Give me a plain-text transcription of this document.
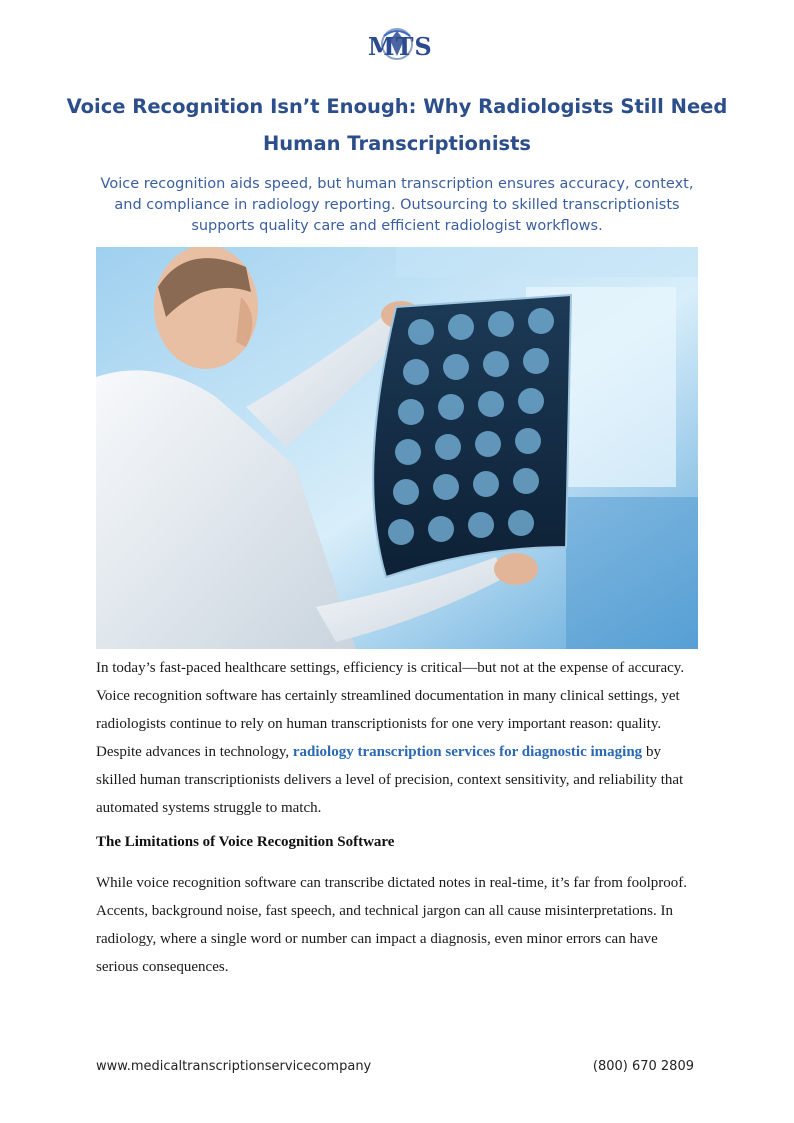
MTS
Voice Recognition Isn’t Enough: Why Radiologists Still Need Human Transcriptionists

Voice recognition aids speed, but human transcription ensures accuracy, context, and compliance in radiology reporting. Outsourcing to skilled transcriptionists supports quality care and efficient radiologist workflows.

In today’s fast-paced healthcare settings, efficiency is critical—but not at the expense of accuracy. Voice recognition software has certainly streamlined documentation in many clinical settings, yet radiologists continue to rely on human transcriptionists for one very important reason: quality. Despite advances in technology, radiology transcription services for diagnostic imaging by skilled human transcriptionists delivers a level of precision, context sensitivity, and reliability that automated systems struggle to match.

The Limitations of Voice Recognition Software

While voice recognition software can transcribe dictated notes in real-time, it’s far from foolproof. Accents, background noise, fast speech, and technical jargon can all cause misinterpretations. In radiology, where a single word or number can impact a diagnosis, even minor errors can have serious consequences.

www.medicaltranscriptionservicecompany	(800) 670 2809
